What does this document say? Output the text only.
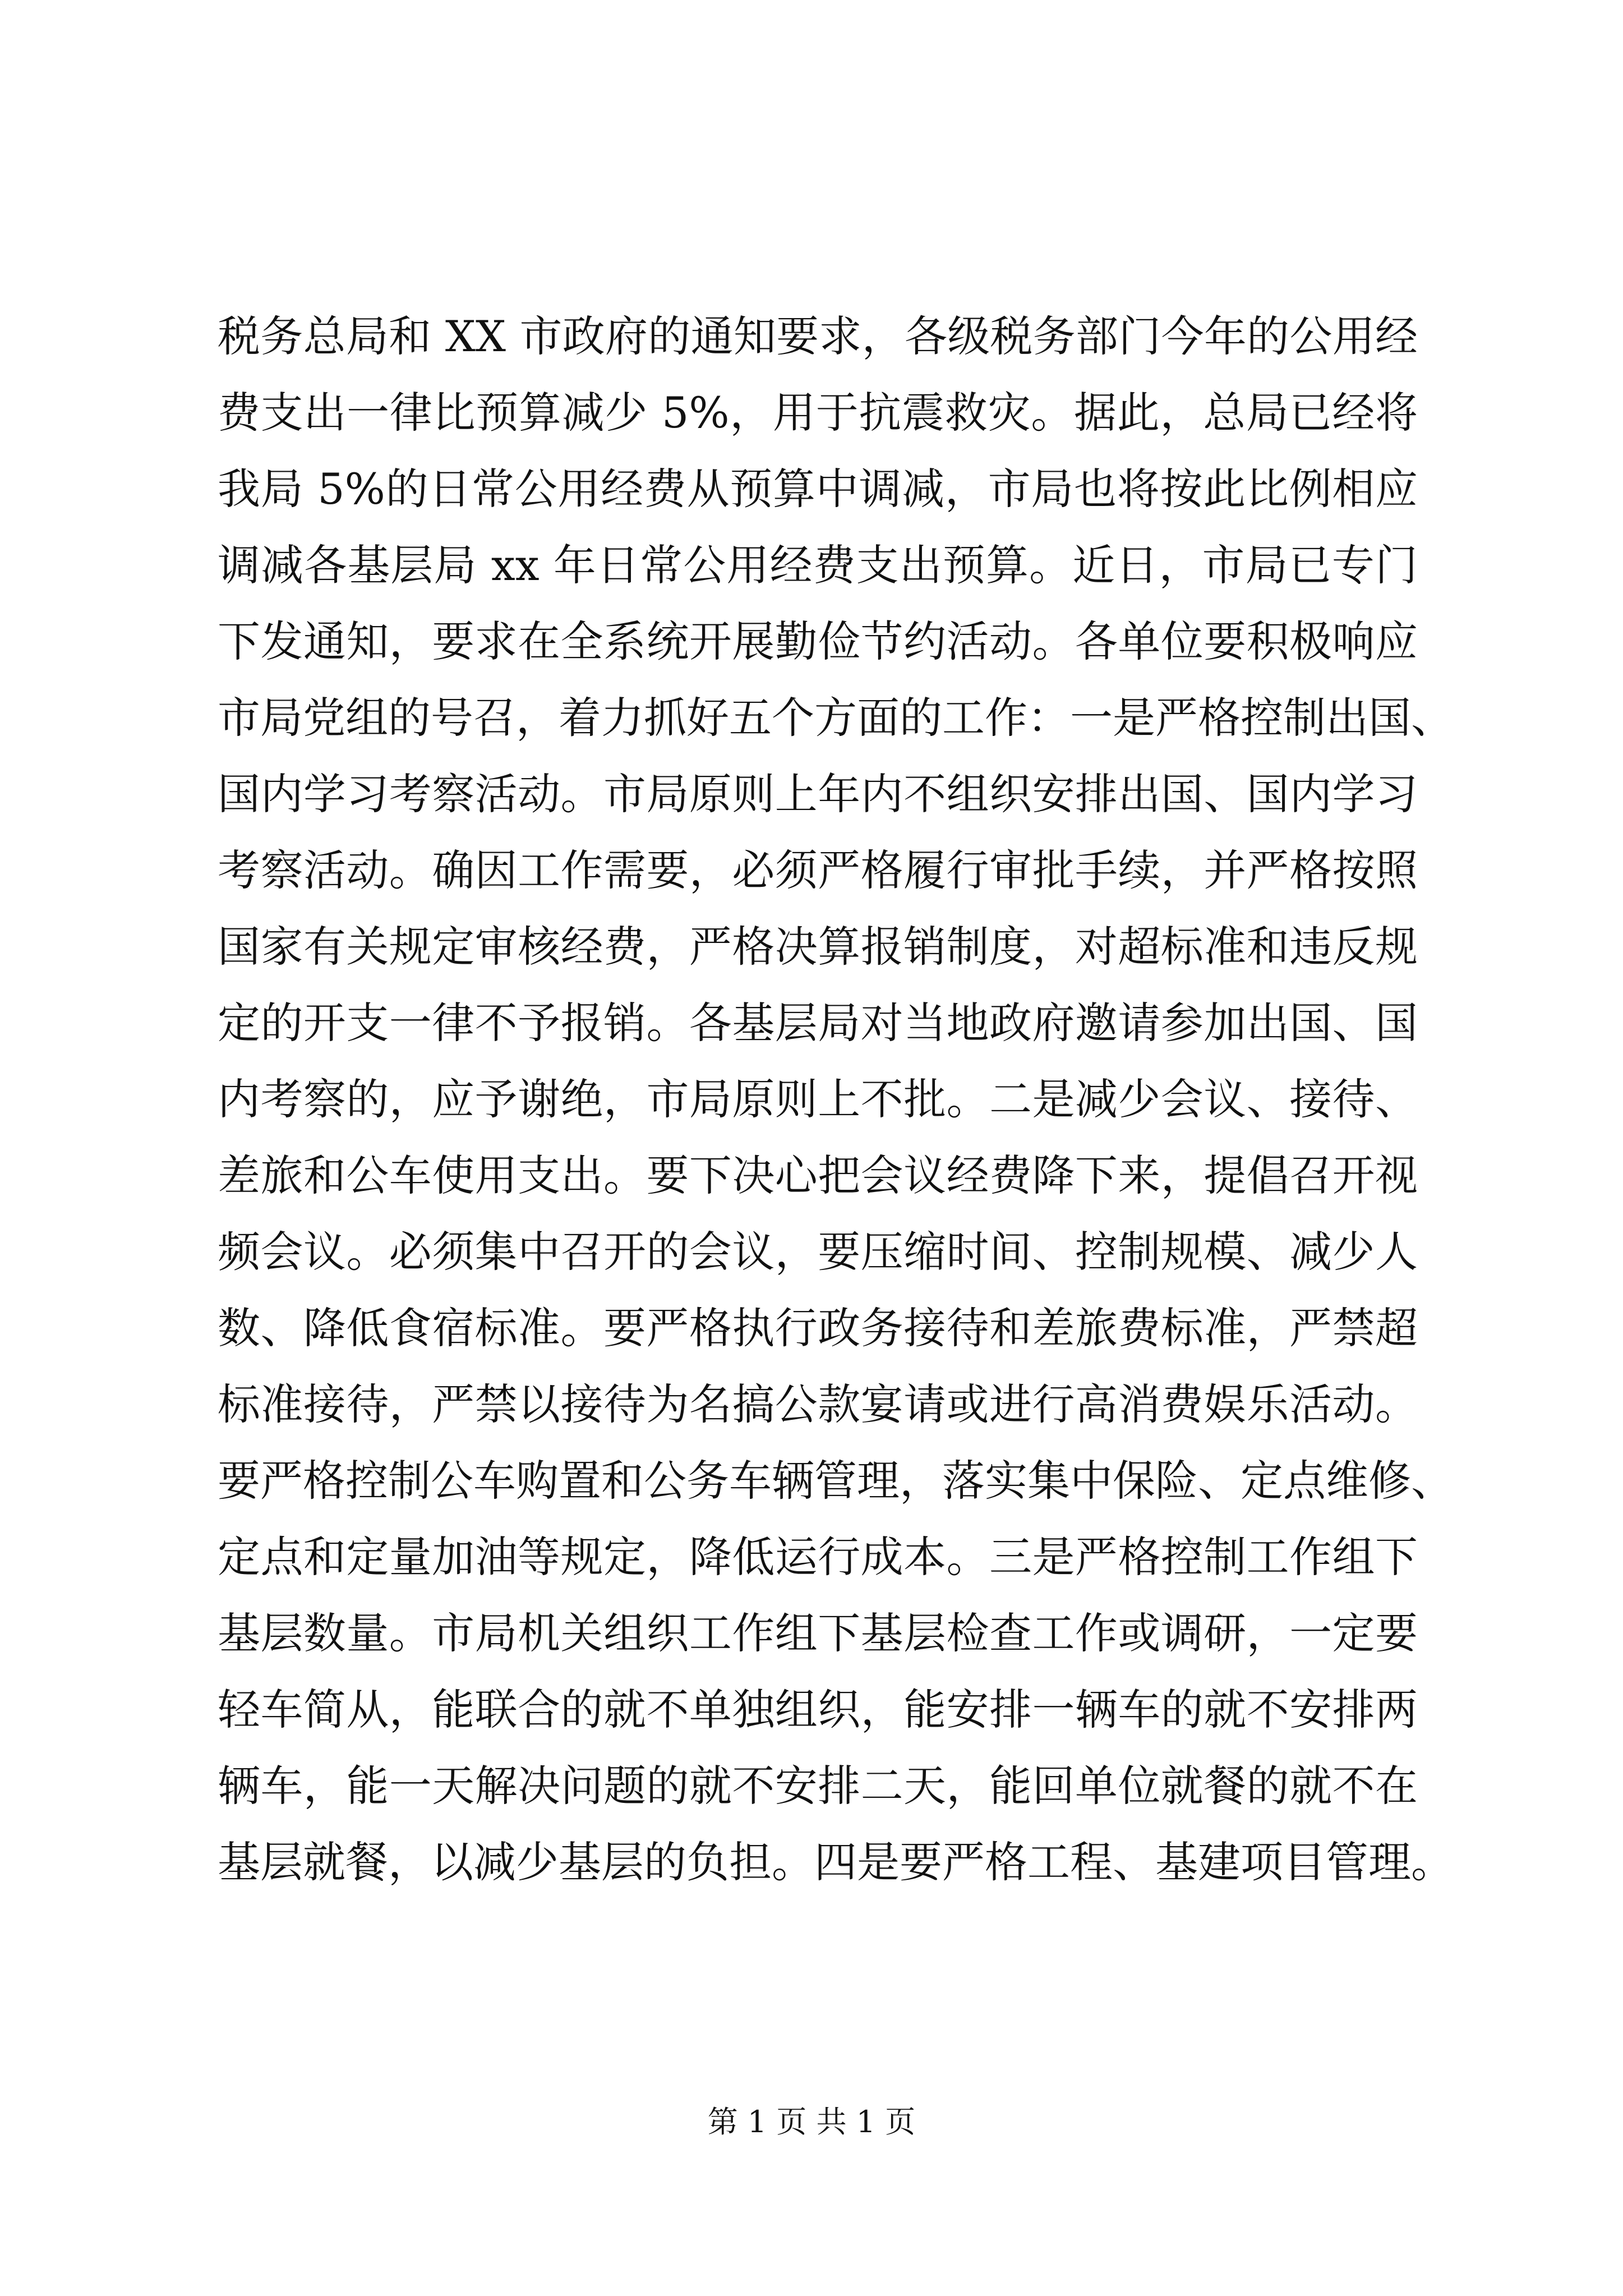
税务总局和 XX 市政府的通知要求，各级税务部门今年的公用经
费支出一律比预算减少 5%，用于抗震救灾。据此，总局已经将
我局 5%的日常公用经费从预算中调减，市局也将按此比例相应
调减各基层局 xx 年日常公用经费支出预算。近日，市局已专门
下发通知，要求在全系统开展勤俭节约活动。各单位要积极响应
市局党组的号召，着力抓好五个方面的工作：一是严格控制出国、
国内学习考察活动。市局原则上年内不组织安排出国、国内学习
考察活动。确因工作需要，必须严格履行审批手续，并严格按照
国家有关规定审核经费，严格决算报销制度，对超标准和违反规
定的开支一律不予报销。各基层局对当地政府邀请参加出国、国
内考察的，应予谢绝，市局原则上不批。二是减少会议、接待、
差旅和公车使用支出。要下决心把会议经费降下来，提倡召开视
频会议。必须集中召开的会议，要压缩时间、控制规模、减少人
数、降低食宿标准。要严格执行政务接待和差旅费标准，严禁超
标准接待，严禁以接待为名搞公款宴请或进行高消费娱乐活动。
要严格控制公车购置和公务车辆管理，落实集中保险、定点维修、
定点和定量加油等规定，降低运行成本。三是严格控制工作组下
基层数量。市局机关组织工作组下基层检查工作或调研，一定要
轻车简从，能联合的就不单独组织，能安排一辆车的就不安排两
辆车，能一天解决问题的就不安排二天，能回单位就餐的就不在
基层就餐，以减少基层的负担。四是要严格工程、基建项目管理。
第 1 页 共 1 页
